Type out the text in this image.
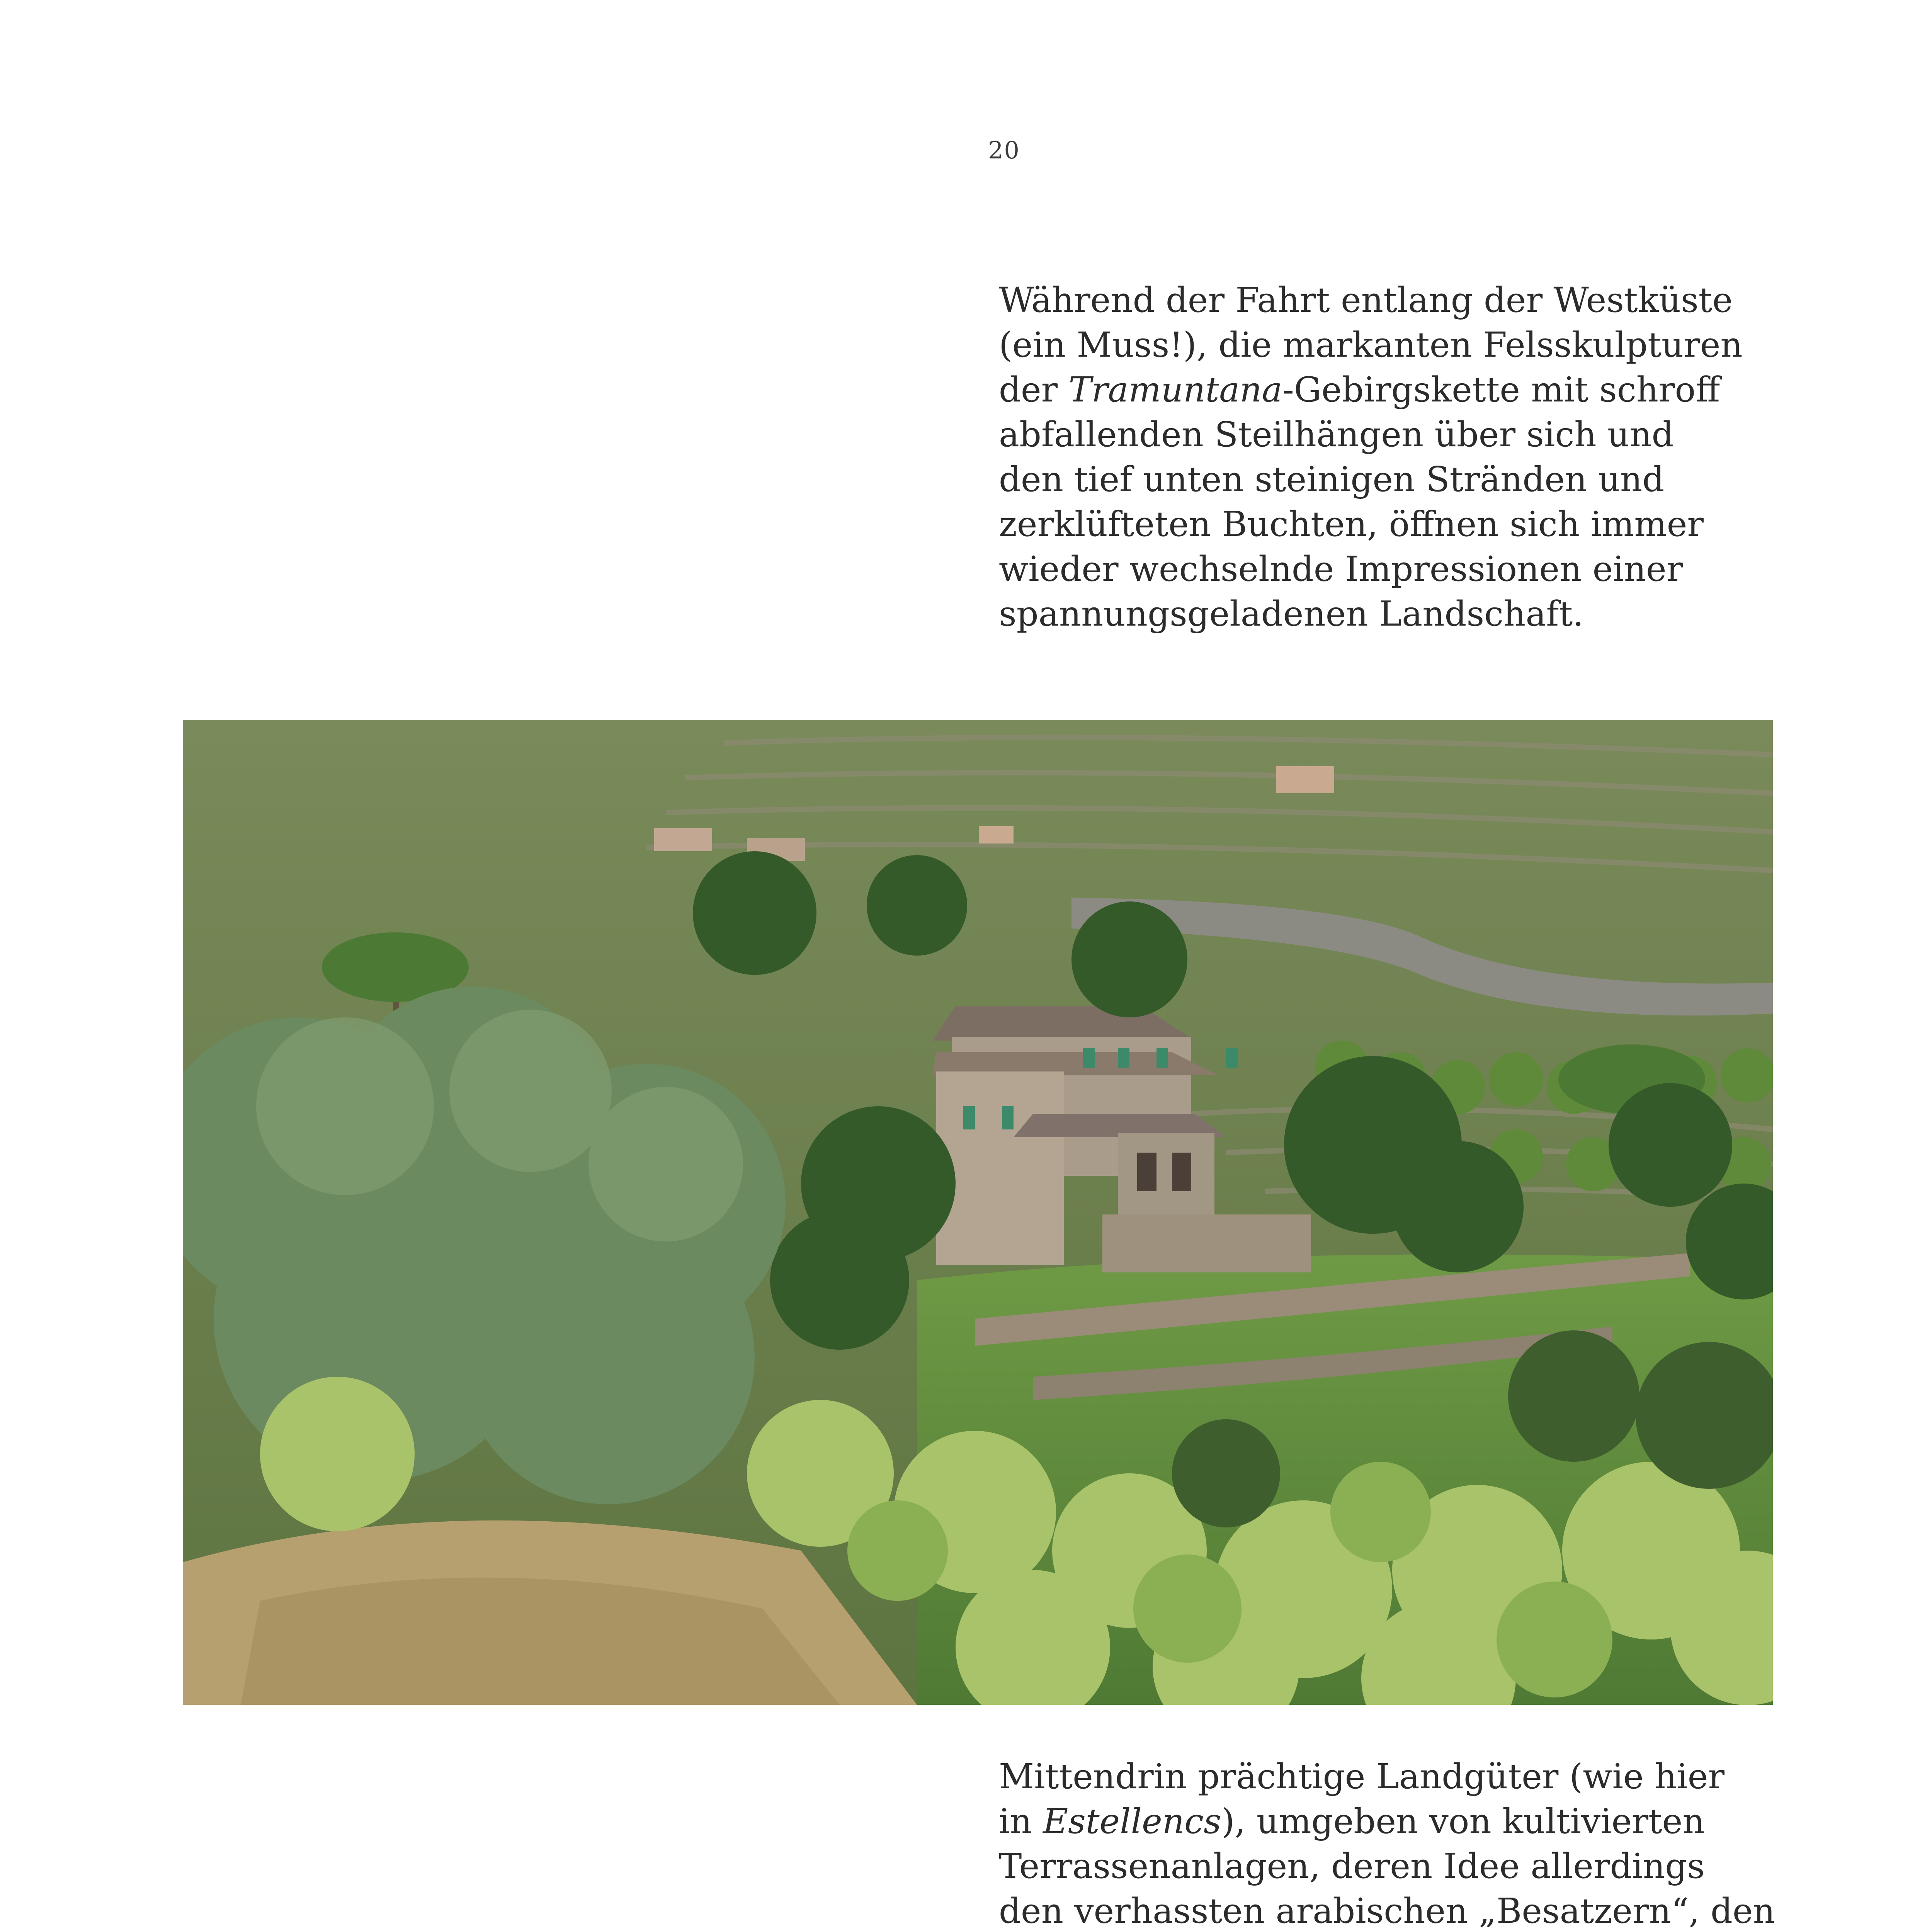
20
Während der Fahrt entlang der Westküste
(ein Muss!), die markanten Felsskulpturen
der Tramuntana-Gebirgskette mit schroff
abfallenden Steilhängen über sich und
den tief unten steinigen Stränden und
zerklüfteten Buchten, öffnen sich immer
wieder wechselnde Impressionen einer
spannungsgeladenen Landschaft.
Mittendrin prächtige Landgüter (wie hier
in Estellencs), umgeben von kultivierten
Terrassenanlagen, deren Idee allerdings
den verhassten arabischen „Besatzern“, den
